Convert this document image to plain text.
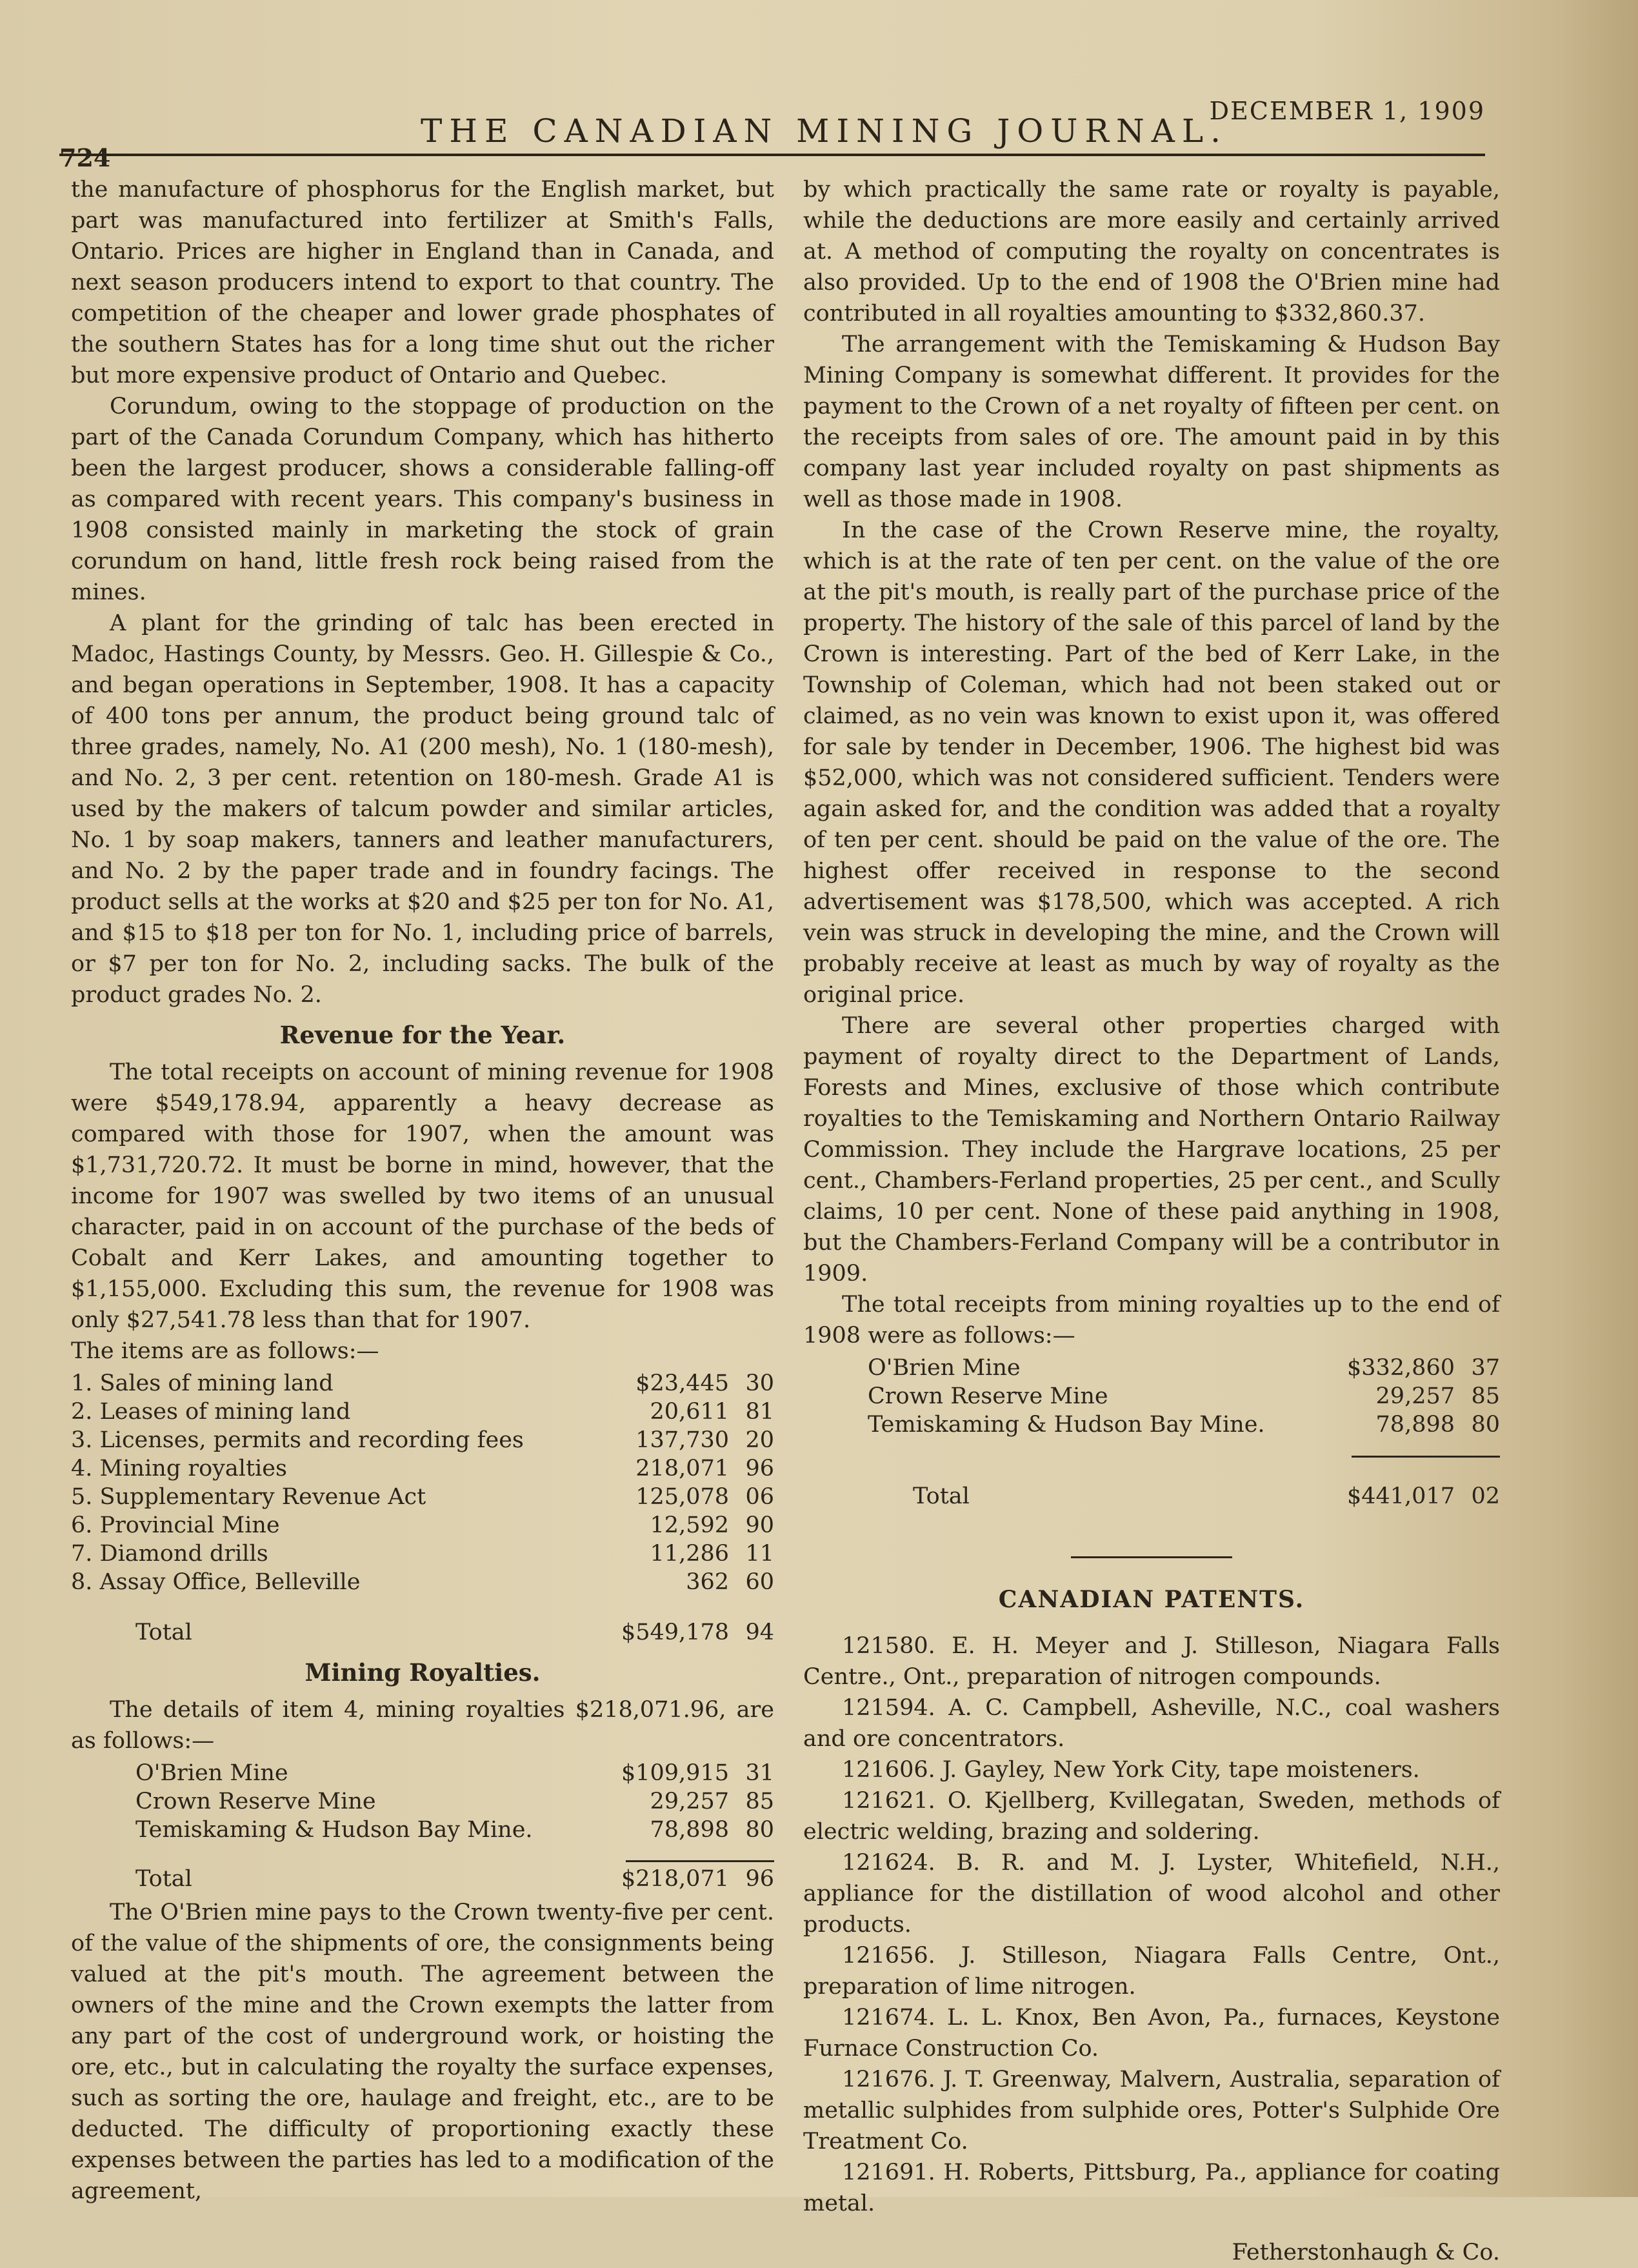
724
THE CANADIAN MINING JOURNAL.
DECEMBER 1, 1909

the manufacture of phosphorus for the English market, but part was manufactured into fertilizer at Smith's Falls, Ontario. Prices are higher in England than in Canada, and next season producers intend to export to that country. The competition of the cheaper and lower grade phosphates of the southern States has for a long time shut out the richer but more expensive product of Ontario and Quebec.

Corundum, owing to the stoppage of production on the part of the Canada Corundum Company, which has hitherto been the largest producer, shows a considerable falling-off as compared with recent years. This company's business in 1908 consisted mainly in marketing the stock of grain corundum on hand, little fresh rock being raised from the mines.

A plant for the grinding of talc has been erected in Madoc, Hastings County, by Messrs. Geo. H. Gillespie & Co., and began operations in September, 1908. It has a capacity of 400 tons per annum, the product being ground talc of three grades, namely, No. A1 (200 mesh), No. 1 (180-mesh), and No. 2, 3 per cent. retention on 180-mesh. Grade A1 is used by the makers of talcum powder and similar articles, No. 1 by soap makers, tanners and leather manufacturers, and No. 2 by the paper trade and in foundry facings. The product sells at the works at $20 and $25 per ton for No. A1, and $15 to $18 per ton for No. 1, including price of barrels, or $7 per ton for No. 2, including sacks. The bulk of the product grades No. 2.

Revenue for the Year.

The total receipts on account of mining revenue for 1908 were $549,178.94, apparently a heavy decrease as compared with those for 1907, when the amount was $1,731,720.72. It must be borne in mind, however, that the income for 1907 was swelled by two items of an unusual character, paid in on account of the purchase of the beds of Cobalt and Kerr Lakes, and amounting together to $1,155,000. Excluding this sum, the revenue for 1908 was only $27,541.78 less than that for 1907.

The items are as follows:—

1. Sales of mining land		$23,445	30
2. Leases of mining land		20,611	81
3. Licenses, permits and recording fees		137,730	20
4. Mining royalties		218,071	96
5. Supplementary Revenue Act		125,078	06
6. Provincial Mine		12,592	90
7. Diamond drills		11,286	11
8. Assay Office, Belleville		362	60
Total		$549,178	94
Mining Royalties.

The details of item 4, mining royalties $218,071.96, are as follows:—

O'Brien Mine		$109,915	31
Crown Reserve Mine		29,257	85
Temiskaming & Hudson Bay Mine.		78,898	80
Total		$218,071	96

The O'Brien mine pays to the Crown twenty-five per cent. of the value of the shipments of ore, the consignments being valued at the pit's mouth. The agreement between the owners of the mine and the Crown exempts the latter from any part of the cost of underground work, or hoisting the ore, etc., but in calculating the royalty the surface expenses, such as sorting the ore, haulage and freight, etc., are to be deducted. The difficulty of proportioning exactly these expenses between the parties has led to a modification of the agreement,

by which practically the same rate or royalty is payable, while the deductions are more easily and certainly arrived at. A method of computing the royalty on concentrates is also provided. Up to the end of 1908 the O'Brien mine had contributed in all royalties amounting to $332,860.37.

The arrangement with the Temiskaming & Hudson Bay Mining Company is somewhat different. It provides for the payment to the Crown of a net royalty of fifteen per cent. on the receipts from sales of ore. The amount paid in by this company last year included royalty on past shipments as well as those made in 1908.

In the case of the Crown Reserve mine, the royalty, which is at the rate of ten per cent. on the value of the ore at the pit's mouth, is really part of the purchase price of the property. The history of the sale of this parcel of land by the Crown is interesting. Part of the bed of Kerr Lake, in the Township of Coleman, which had not been staked out or claimed, as no vein was known to exist upon it, was offered for sale by tender in December, 1906. The highest bid was $52,000, which was not considered sufficient. Tenders were again asked for, and the condition was added that a royalty of ten per cent. should be paid on the value of the ore. The highest offer received in response to the second advertisement was $178,500, which was accepted. A rich vein was struck in developing the mine, and the Crown will probably receive at least as much by way of royalty as the original price.

There are several other properties charged with payment of royalty direct to the Department of Lands, Forests and Mines, exclusive of those which contribute royalties to the Temiskaming and Northern Ontario Railway Commission. They include the Hargrave locations, 25 per cent., Chambers-Ferland properties, 25 per cent., and Scully claims, 10 per cent. None of these paid anything in 1908, but the Chambers-Ferland Company will be a contributor in 1909.

The total receipts from mining royalties up to the end of 1908 were as follows:—

O'Brien Mine		$332,860	37
Crown Reserve Mine		29,257	85
Temiskaming & Hudson Bay Mine.		78,898	80
Total		$441,017	02
CANADIAN PATENTS.

121580. E. H. Meyer and J. Stilleson, Niagara Falls Centre., Ont., preparation of nitrogen compounds.

121594. A. C. Campbell, Asheville, N.C., coal washers and ore concentrators.

121606. J. Gayley, New York City, tape moisteners.

121621. O. Kjellberg, Kvillegatan, Sweden, methods of electric welding, brazing and soldering.

121624. B. R. and M. J. Lyster, Whitefield, N.H., appliance for the distillation of wood alcohol and other products.

121656. J. Stilleson, Niagara Falls Centre, Ont., preparation of lime nitrogen.

121674. L. L. Knox, Ben Avon, Pa., furnaces, Keystone Furnace Construction Co.

121676. J. T. Greenway, Malvern, Australia, separation of metallic sulphides from sulphide ores, Potter's Sulphide Ore Treatment Co.

121691. H. Roberts, Pittsburg, Pa., appliance for coating metal.

Fetherstonhaugh & Co.
